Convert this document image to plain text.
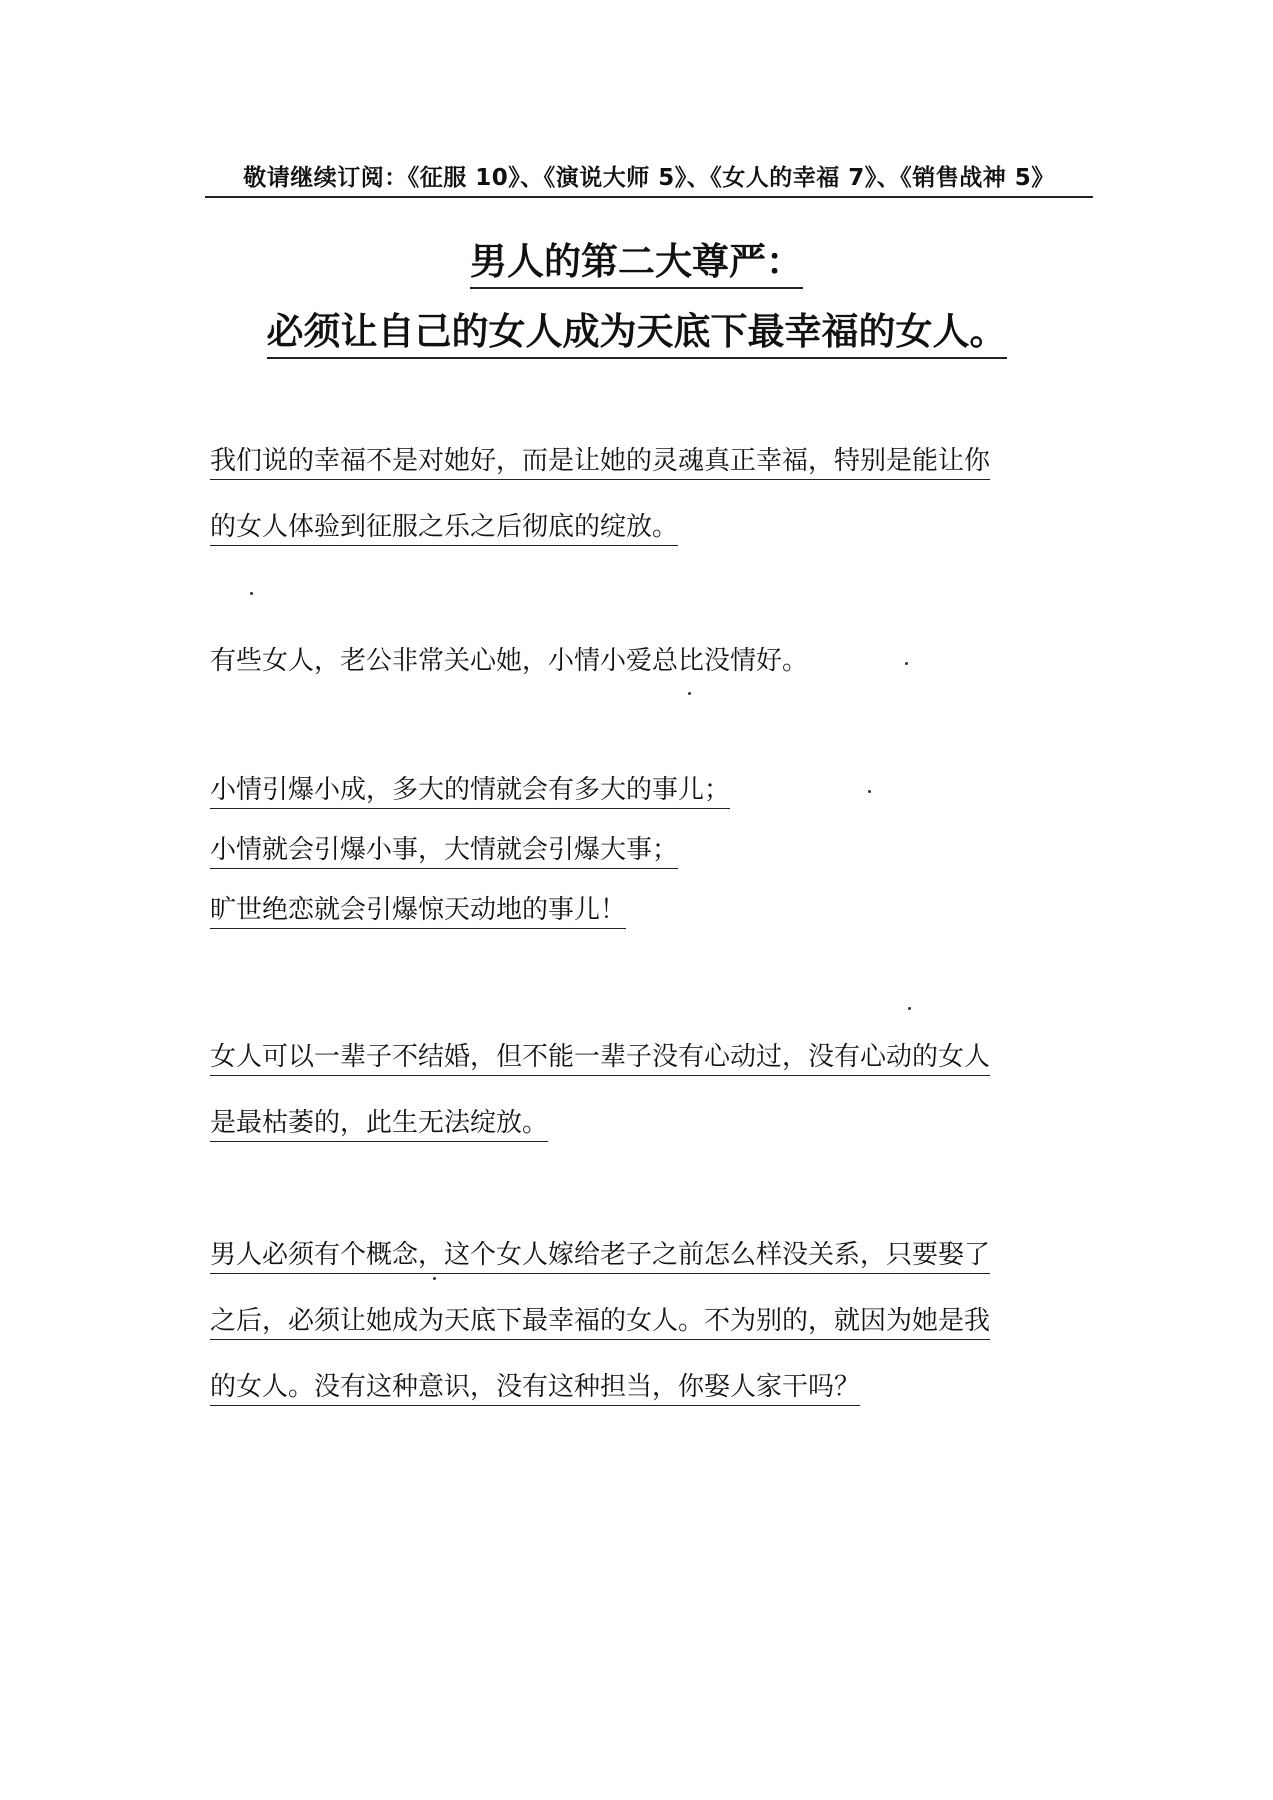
敬请继续订阅：《征服 10》、《演说大师 5》、《女人的幸福 7》、《销售战神 5》
男人的第二大尊严：
必须让自己的女人成为天底下最幸福的女人。
我们说的幸福不是对她好，而是让她的灵魂真正幸福，特别是能让你
的女人体验到征服之乐之后彻底的绽放。
有些女人，老公非常关心她，小情小爱总比没情好。
小情引爆小成，多大的情就会有多大的事儿；
小情就会引爆小事，大情就会引爆大事；
旷世绝恋就会引爆惊天动地的事儿！
女人可以一辈子不结婚，但不能一辈子没有心动过，没有心动的女人
是最枯萎的，此生无法绽放。
男人必须有个概念，这个女人嫁给老子之前怎么样没关系，只要娶了
之后，必须让她成为天底下最幸福的女人。不为别的，就因为她是我
的女人。没有这种意识，没有这种担当，你娶人家干吗？
